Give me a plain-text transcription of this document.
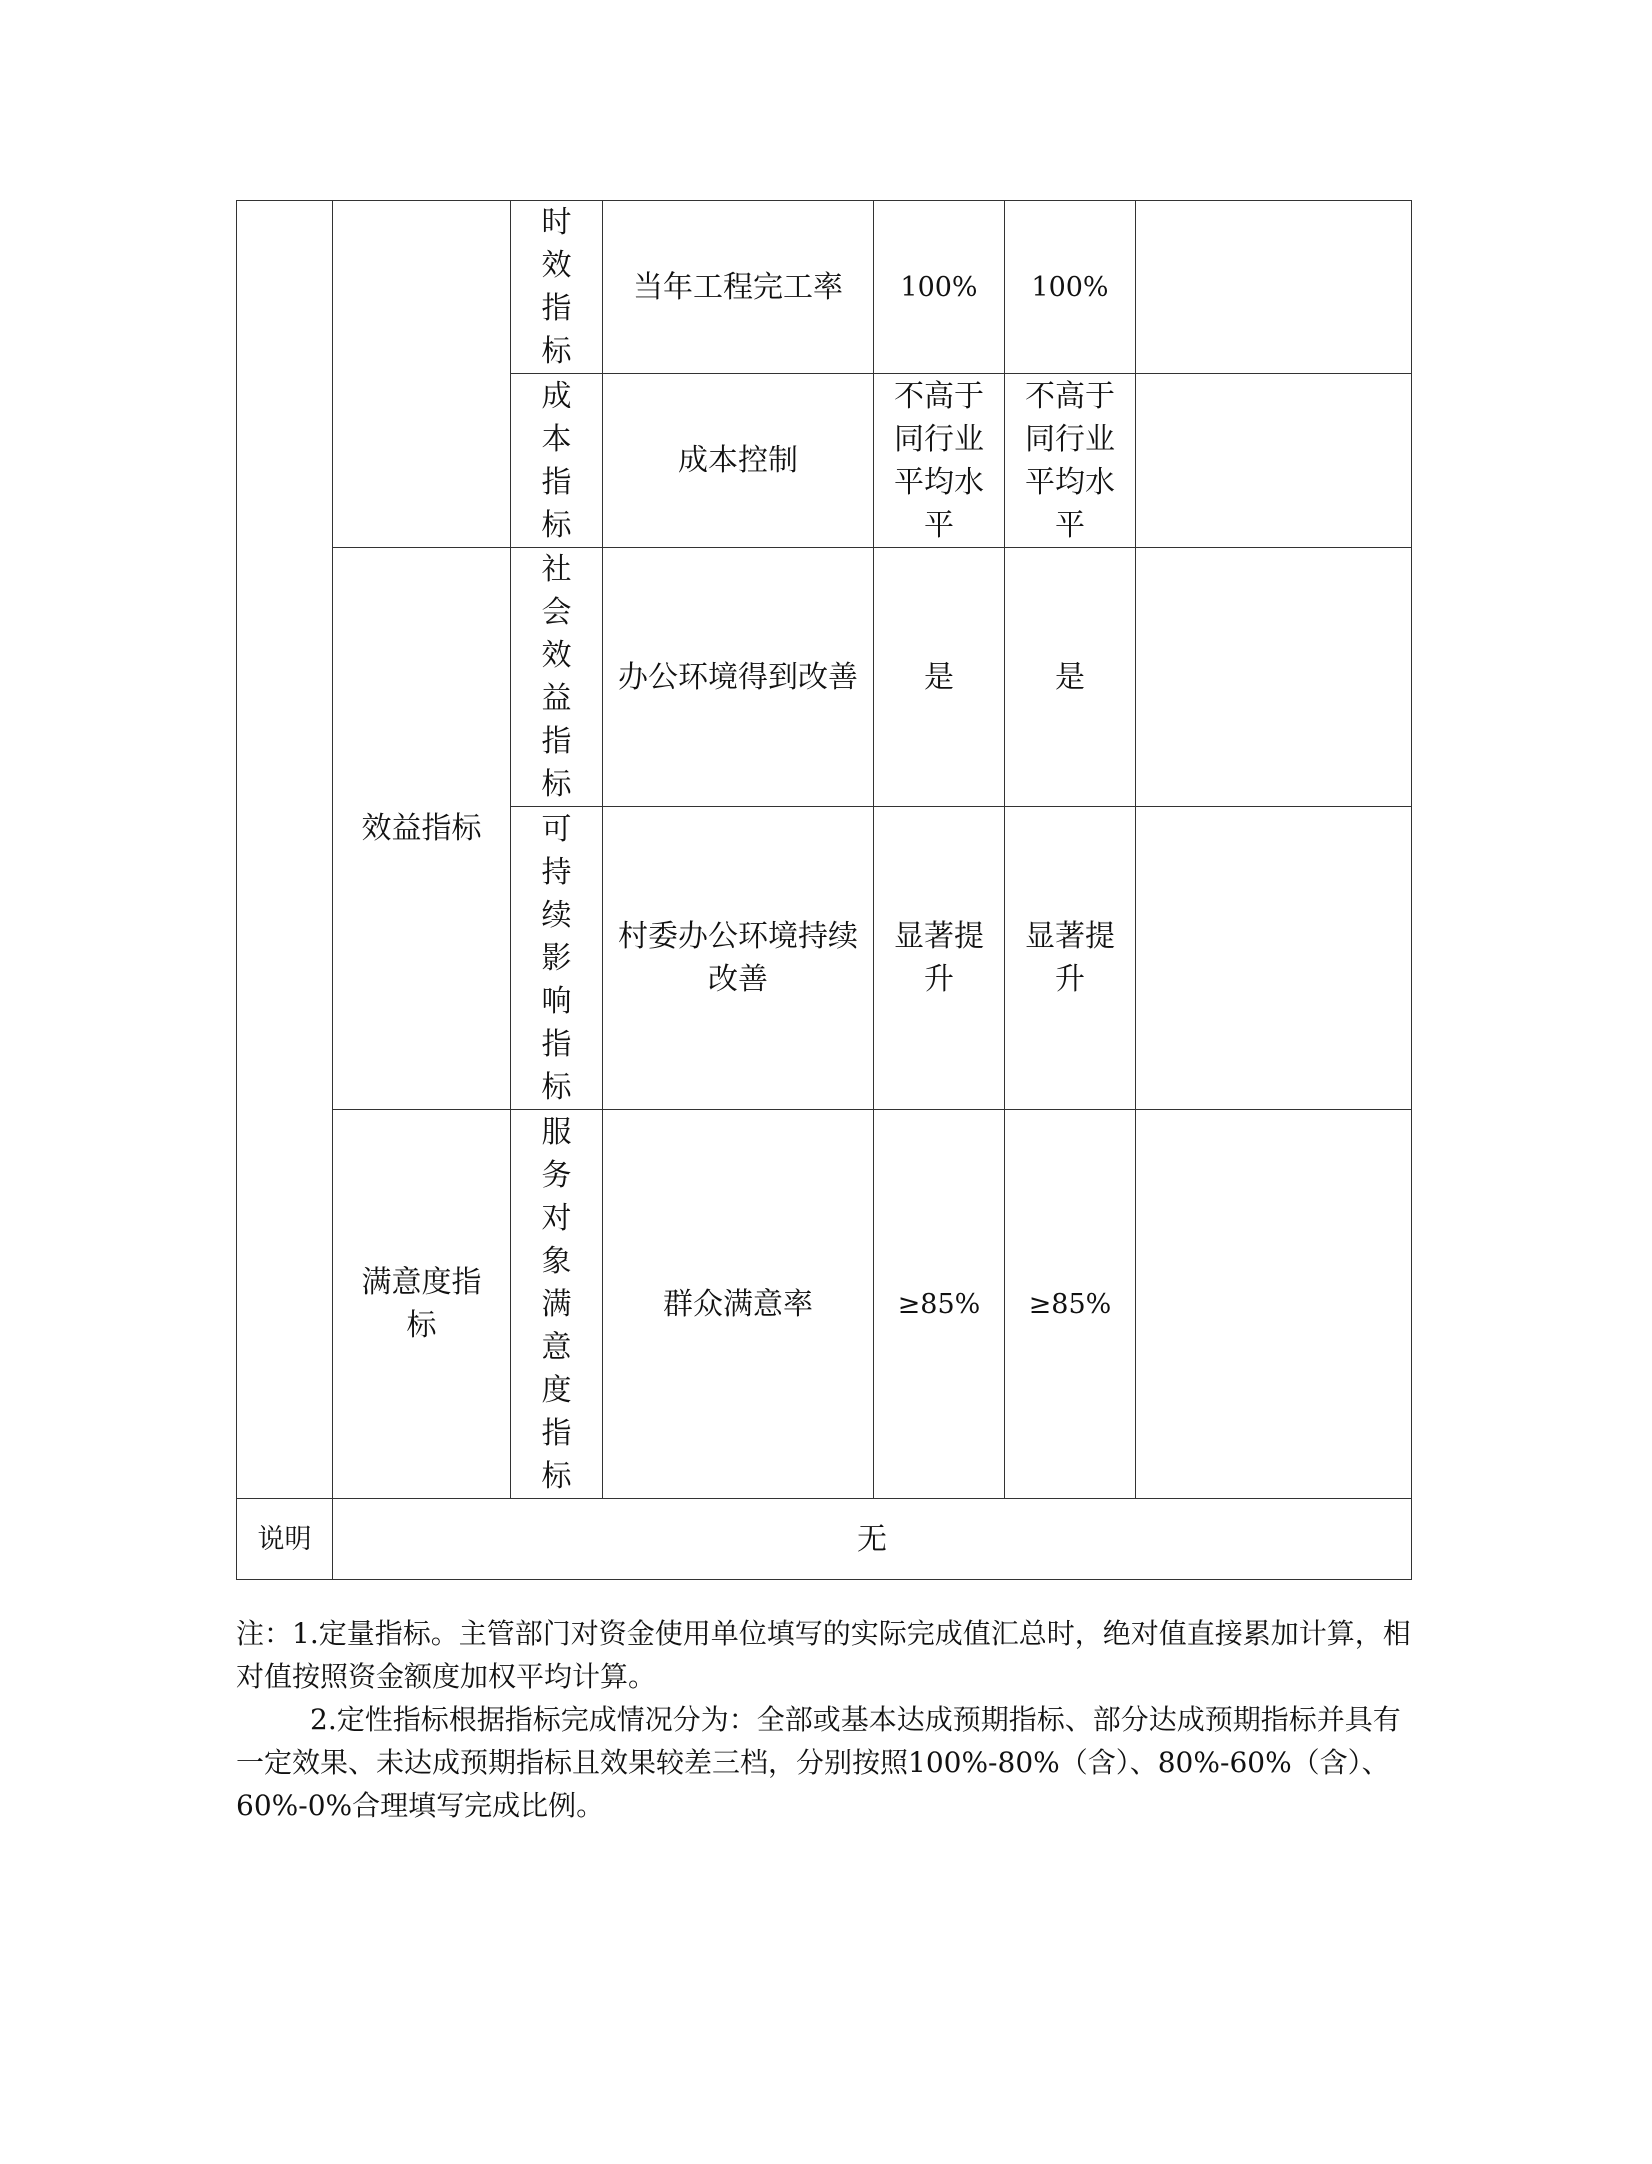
		时效指标	当年工程完工率	100%	100%	
		成本指标	成本控制	不高于同行业平均水平	不高于同行业平均水平	
	效益指标	社会效益指标	办公环境得到改善	是	是	
		可持续影响指标	村委办公环境持续改善	显著提升	显著提升	
	满意度指标	服务对象满意度指标	群众满意率	≥85%	≥85%	
说明	无					

注：1.定量指标。主管部门对资金使用单位填写的实际完成值汇总时，绝对值直接累加计算，相对值按照资金额度加权平均计算。

2.定性指标根据指标完成情况分为：全部或基本达成预期指标、部分达成预期指标并具有一定效果、未达成预期指标且效果较差三档，分别按照100%-80%（含）、80%-60%（含）、60%-0%合理填写完成比例。
